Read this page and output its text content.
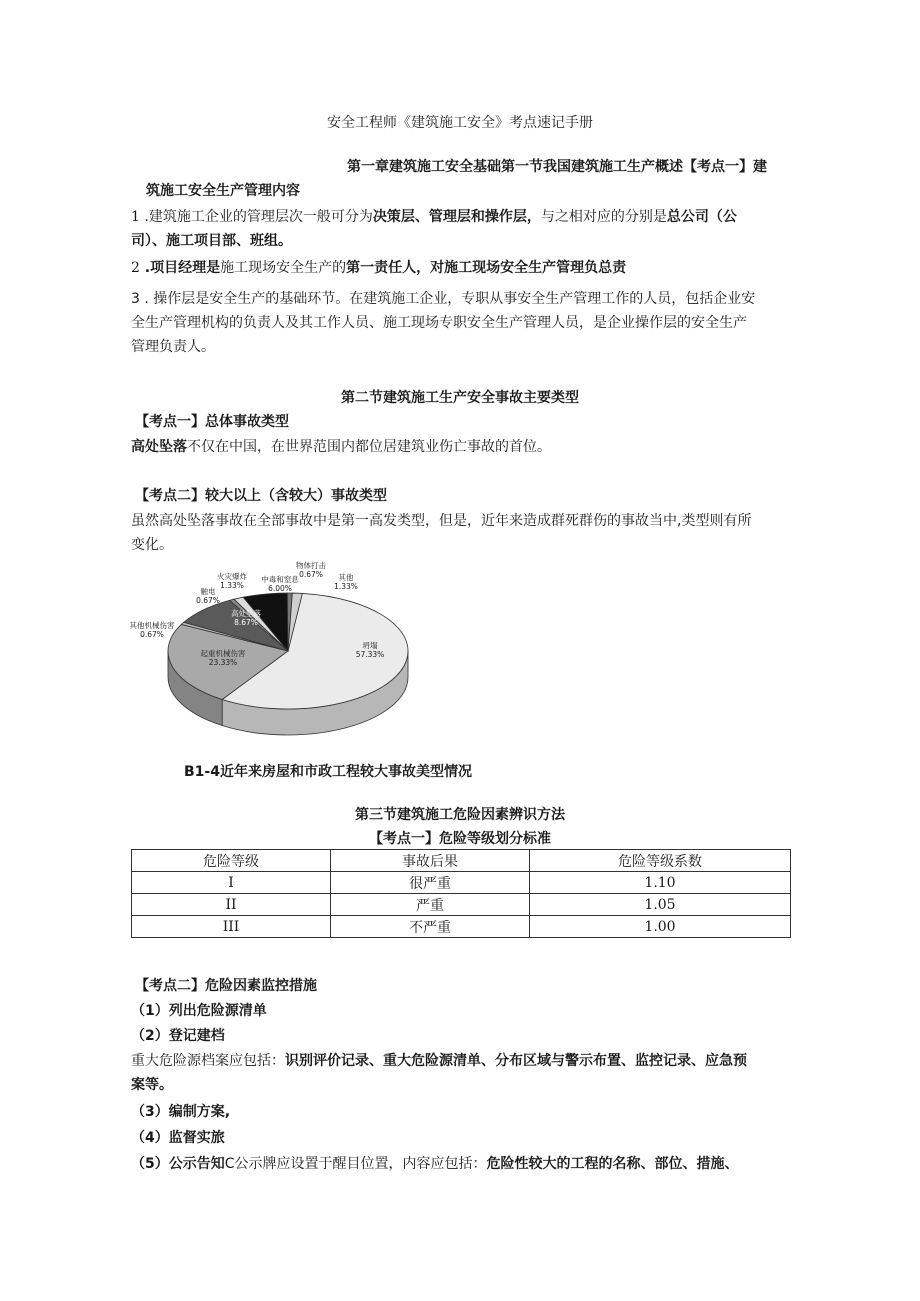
安全工程师《建筑施工安全》考点速记手册
第一章建筑施工安全基础第一节我国建筑施工生产概述【考点一】建
筑施工安全生产管理内容
1 .建筑施工企业的管理层次一般可分为决策层、管理层和操作层，与之相对应的分别是总公司（公
司）、施工项目部、班组。
2 .项目经理是施工现场安全生产的第一责任人，对施工现场安全生产管理负总责
3 . 操作层是安全生产的基础环节。在建筑施工企业，专职从事安全生产管理工作的人员，包括企业安
全生产管理机构的负责人及其工作人员、施工现场专职安全生产管理人员，是企业操作层的安全生产
管理负责人。
第二节建筑施工生产安全事故主要类型
【考点一】总体事故类型
高处坠落不仅在中国，在世界范围内都位居建筑业伤亡事故的首位。
【考点二】较大以上（含较大）事故类型
虽然高处坠落事故在全部事故中是第一高发类型，但是，近年来造成群死群伤的事故当中,类型则有所
变化。
坍塌
57.33%
起重机械伤害
23.33%
其他机械伤害
0.67%
高处坠落
8.67%
触电
0.67%
火灾爆炸
1.33%
中毒和窒息
6.00%
物体打击
0.67% 其他
1.33%
B1-4近年来房屋和市政工程较大事故美型情况
第三节建筑施工危险因素辨识方法
【考点一】危险等级划分标准
危险等级	事故后果	危险等级系数
I	很严重	1.10
II	严重	1.05
III	不严重	1.00
【考点二】危险因素监控措施
（1）列出危险源清单
（2）登记建档
重大危险源档案应包括：识别评价记录、重大危险源清单、分布区域与警示布置、监控记录、应急预
案等。
（3）编制方案,
（4）监督实旅
（5）公示告知C公示牌应设置于醒目位置，内容应包括：危险性较大的工程的名称、部位、措施、
